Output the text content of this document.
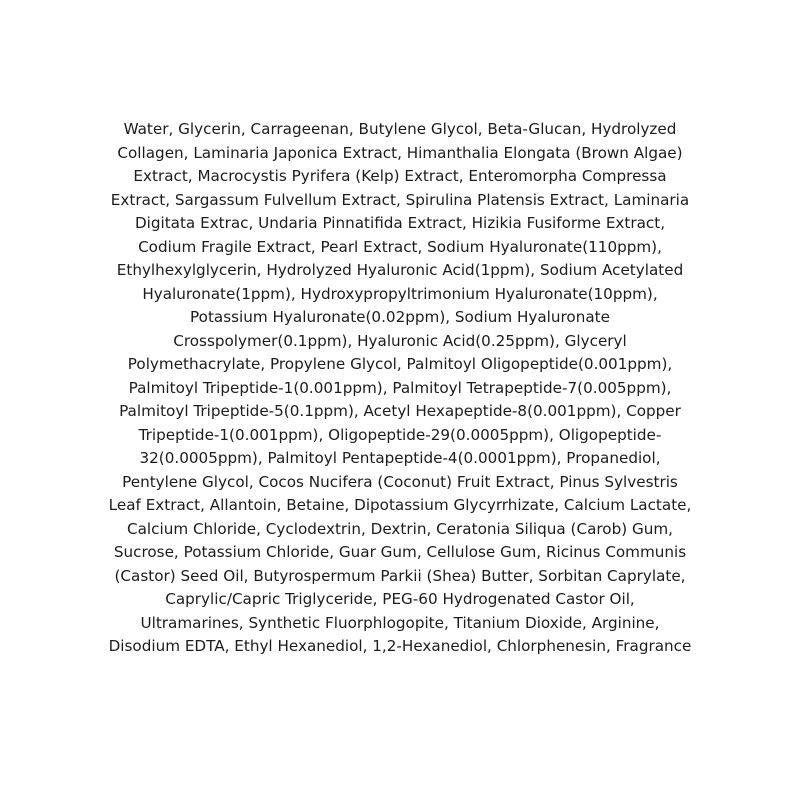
Water, Glycerin, Carrageenan, Butylene Glycol, Beta-Glucan, Hydrolyzed
Collagen, Laminaria Japonica Extract, Himanthalia Elongata (Brown Algae)
Extract, Macrocystis Pyrifera (Kelp) Extract, Enteromorpha Compressa
Extract, Sargassum Fulvellum Extract, Spirulina Platensis Extract, Laminaria
Digitata Extrac, Undaria Pinnatifida Extract, Hizikia Fusiforme Extract,
Codium Fragile Extract, Pearl Extract, Sodium Hyaluronate(110ppm),
Ethylhexylglycerin, Hydrolyzed Hyaluronic Acid(1ppm), Sodium Acetylated
Hyaluronate(1ppm), Hydroxypropyltrimonium Hyaluronate(10ppm),
Potassium Hyaluronate(0.02ppm), Sodium Hyaluronate
Crosspolymer(0.1ppm), Hyaluronic Acid(0.25ppm), Glyceryl
Polymethacrylate, Propylene Glycol, Palmitoyl Oligopeptide(0.001ppm),
Palmitoyl Tripeptide-1(0.001ppm), Palmitoyl Tetrapeptide-7(0.005ppm),
Palmitoyl Tripeptide-5(0.1ppm), Acetyl Hexapeptide-8(0.001ppm), Copper
Tripeptide-1(0.001ppm), Oligopeptide-29(0.0005ppm), Oligopeptide-
32(0.0005ppm), Palmitoyl Pentapeptide-4(0.0001ppm), Propanediol,
Pentylene Glycol, Cocos Nucifera (Coconut) Fruit Extract, Pinus Sylvestris
Leaf Extract, Allantoin, Betaine, Dipotassium Glycyrrhizate, Calcium Lactate,
Calcium Chloride, Cyclodextrin, Dextrin, Ceratonia Siliqua (Carob) Gum,
Sucrose, Potassium Chloride, Guar Gum, Cellulose Gum, Ricinus Communis
(Castor) Seed Oil, Butyrospermum Parkii (Shea) Butter, Sorbitan Caprylate,
Caprylic/Capric Triglyceride, PEG-60 Hydrogenated Castor Oil,
Ultramarines, Synthetic Fluorphlogopite, Titanium Dioxide, Arginine,
Disodium EDTA, Ethyl Hexanediol, 1,2-Hexanediol, Chlorphenesin, Fragrance
